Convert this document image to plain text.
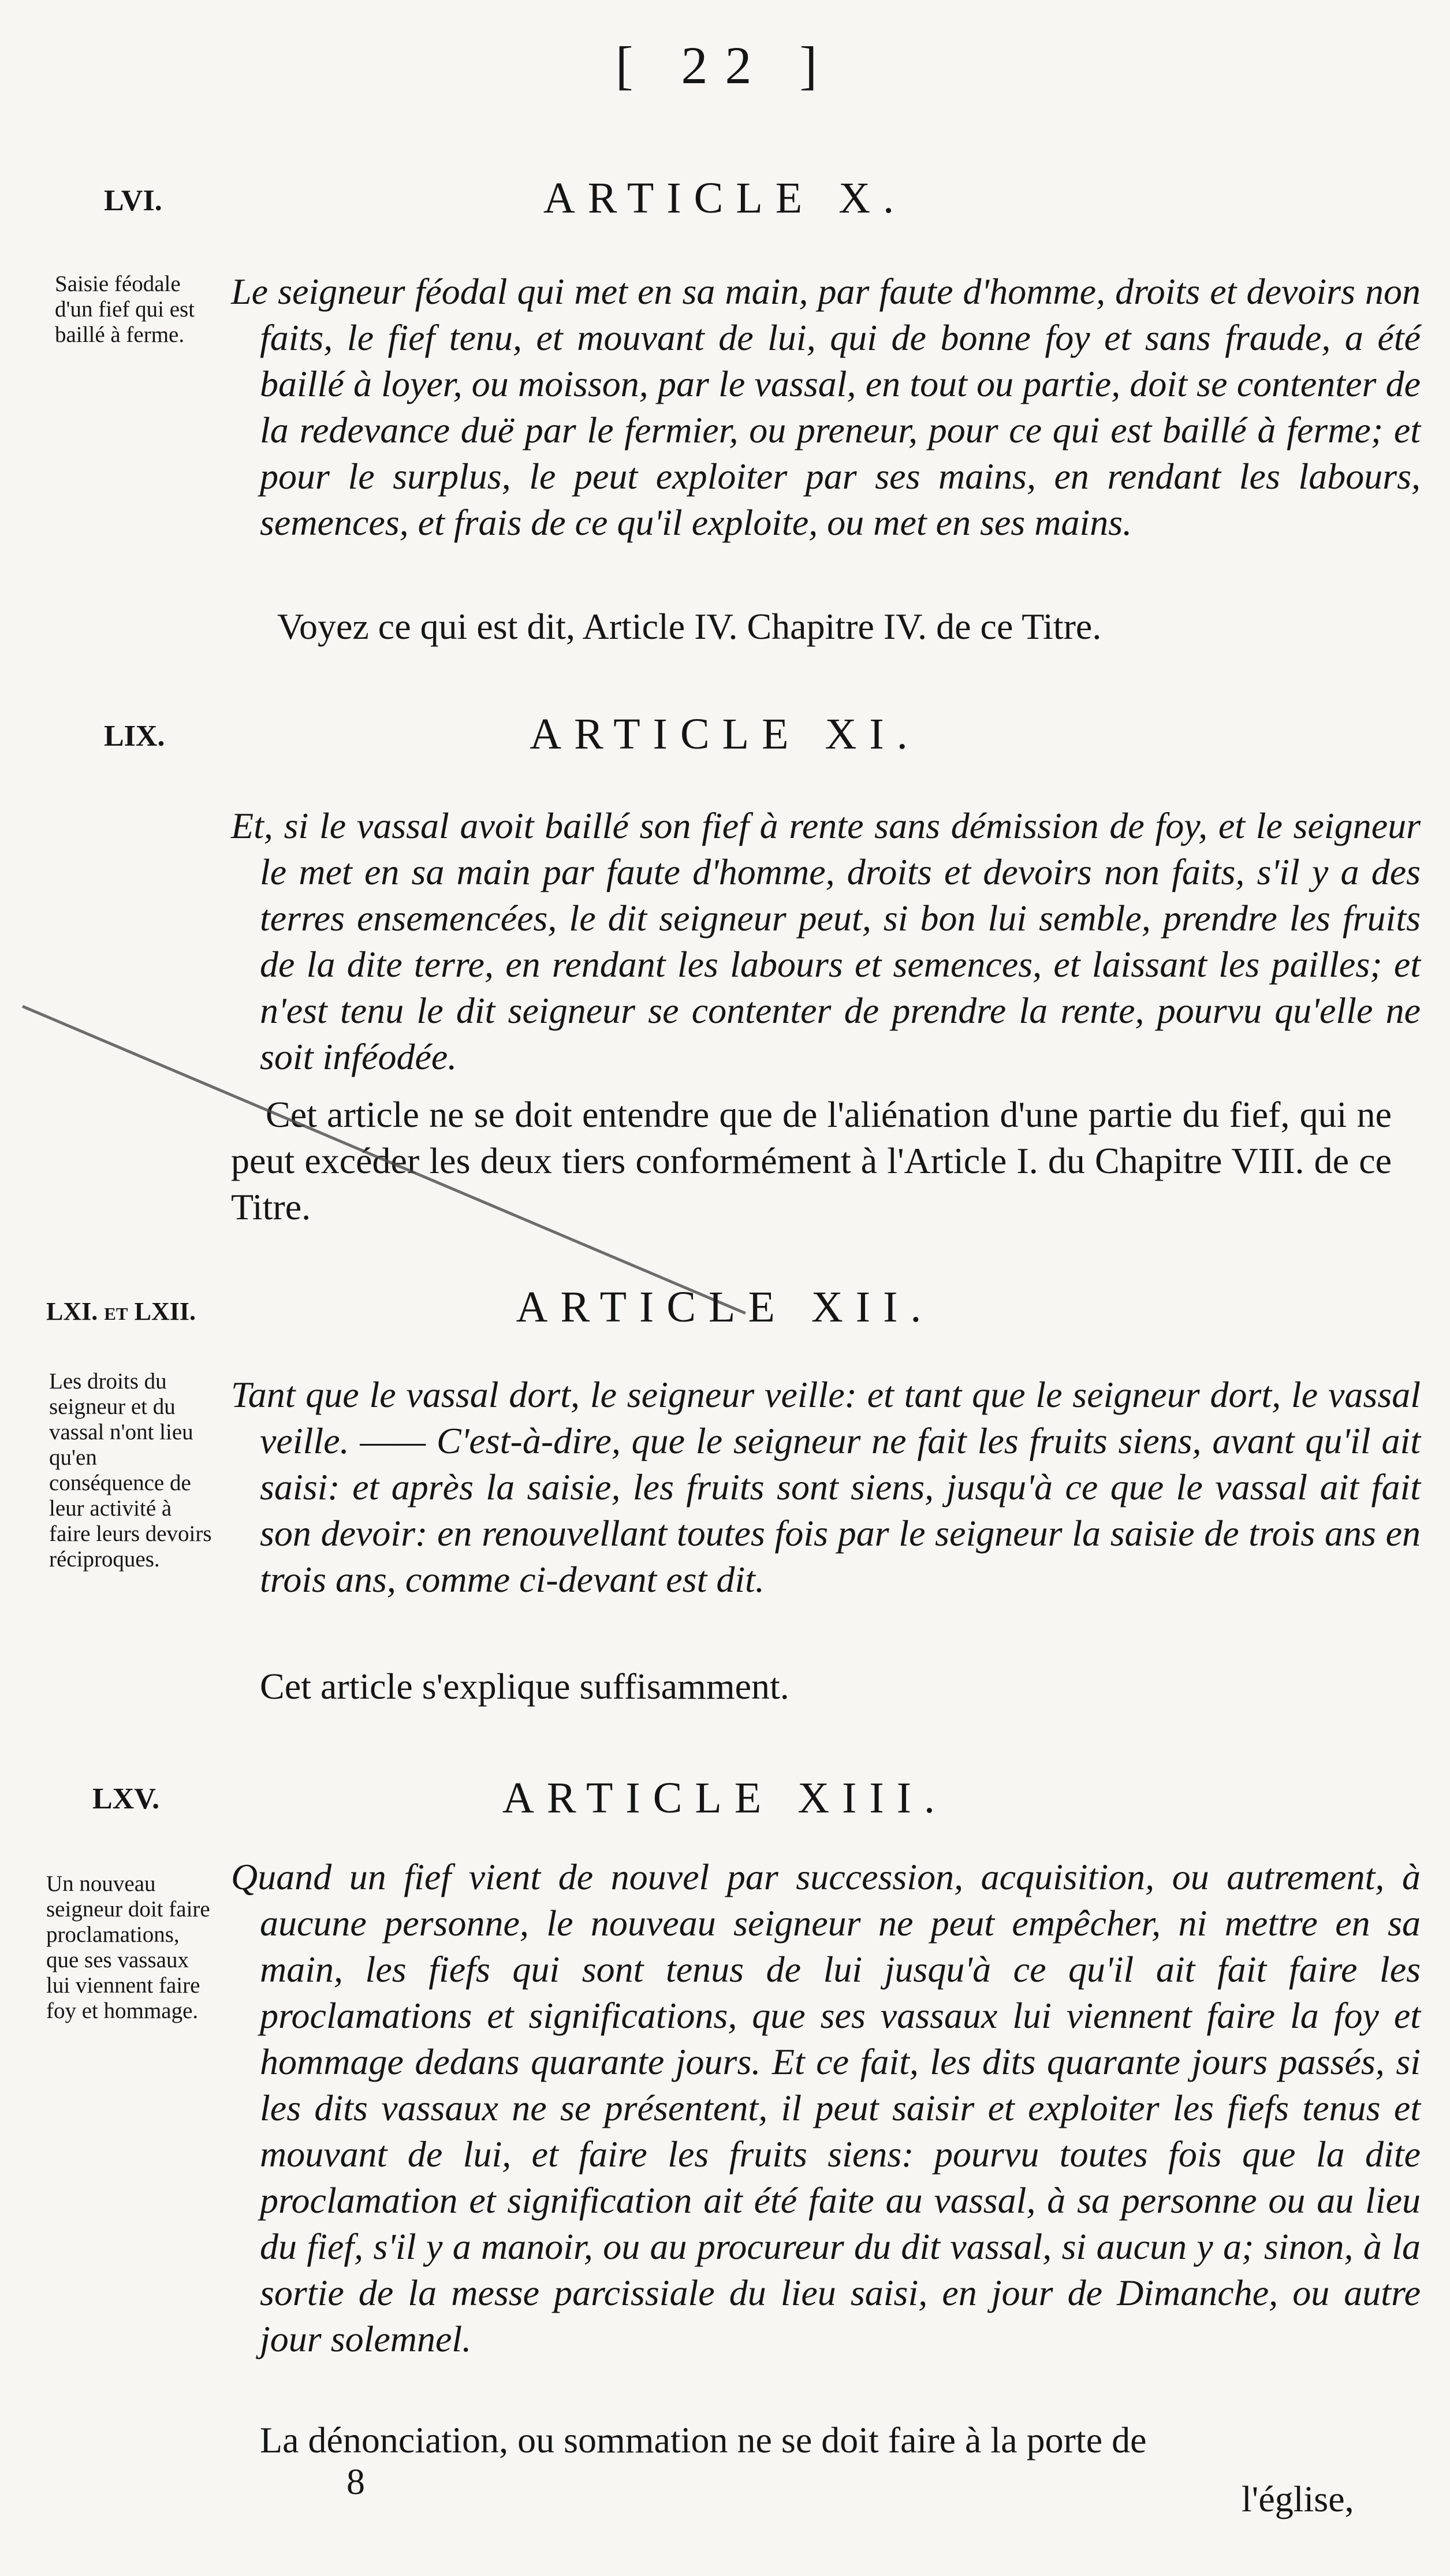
[ 22 ]
LVI.	ARTICLE X.
Saisie féodale d'un fief qui est baillé à ferme.
Le seigneur féodal qui met en sa main, par faute d'homme, droits et devoirs non faits, le fief tenu, et mouvant de lui, qui de bonne foy et sans fraude, a été baillé à loyer, ou moisson, par le vassal, en tout ou partie, doit se contenter de la redevance duë par le fermier, ou preneur, pour ce qui est baillé à ferme; et pour le surplus, le peut exploiter par ses mains, en rendant les labours, semences, et frais de ce qu'il exploite, ou met en ses mains.
Voyez ce qui est dit, Article IV. Chapitre IV. de ce Titre.
LIX.	ARTICLE XI.
Et, si le vassal avoit baillé son fief à rente sans démission de foy, et le seigneur le met en sa main par faute d'homme, droits et devoirs non faits, s'il y a des terres ensemencées, le dit seigneur peut, si bon lui semble, prendre les fruits de la dite terre, en rendant les labours et semences, et laissant les pailles; et n'est tenu le dit seigneur se contenter de prendre la rente, pourvu qu'elle ne soit inféodée.
Cet article ne se doit entendre que de l'aliénation d'une partie du fief, qui ne peut excéder les deux tiers conformément à l'Article I. du Chapitre VIII. de ce Titre.
LXI. et LXII.	ARTICLE XII.
Les droits du seigneur et du vassal n'ont lieu qu'en conséquence de leur activité à faire leurs devoirs réciproques.
Tant que le vassal dort, le seigneur veille: et tant que le seigneur dort, le vassal veille. —— C'est-à-dire, que le seigneur ne fait les fruits siens, avant qu'il ait saisi: et après la saisie, les fruits sont siens, jusqu'à ce que le vassal ait fait son devoir: en renouvellant toutes fois par le seigneur la saisie de trois ans en trois ans, comme ci-devant est dit.
Cet article s'explique suffisamment.
LXV.	ARTICLE XIII.
Un nouveau seigneur doit faire proclamations, que ses vassaux lui viennent faire foy et hommage.
Quand un fief vient de nouvel par succession, acquisition, ou autrement, à aucune personne, le nouveau seigneur ne peut empêcher, ni mettre en sa main, les fiefs qui sont tenus de lui jusqu'à ce qu'il ait fait faire les proclamations et significations, que ses vassaux lui viennent faire la foy et hommage dedans quarante jours. Et ce fait, les dits quarante jours passés, si les dits vassaux ne se présentent, il peut saisir et exploiter les fiefs tenus et mouvant de lui, et faire les fruits siens: pourvu toutes fois que la dite proclamation et signification ait été faite au vassal, à sa personne ou au lieu du fief, s'il y a manoir, ou au procureur du dit vassal, si aucun y a; sinon, à la sortie de la messe parcissiale du lieu saisi, en jour de Dimanche, ou autre jour solemnel.
La dénonciation, ou sommation ne se doit faire à la porte de
8	l'église,
